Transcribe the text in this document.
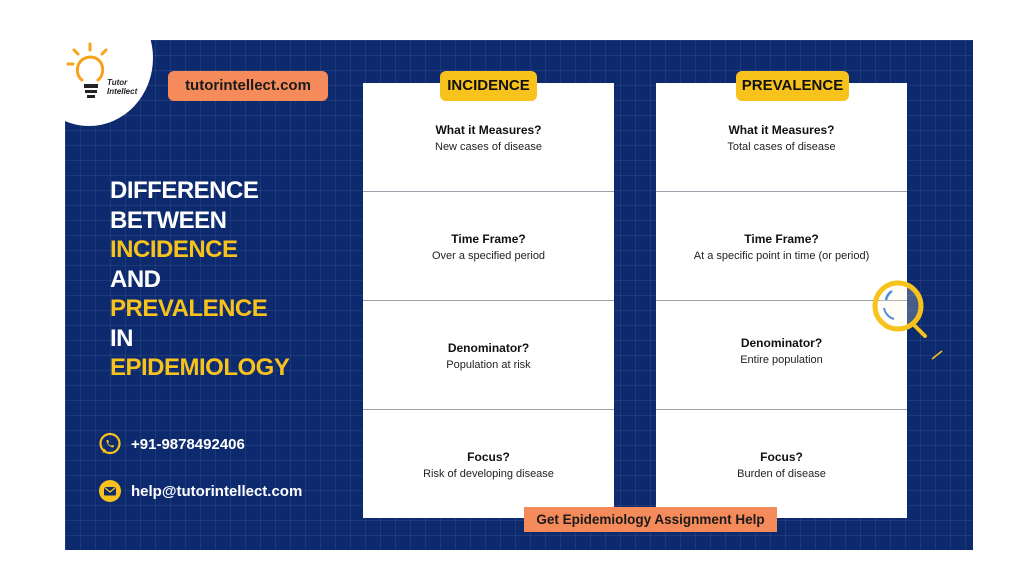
Tutor
Intellect	tutorintellect.com
DIFFERENCE
BETWEEN
INCIDENCE
AND
PREVALENCE
IN
EPIDEMIOLOGY
+91-9878492406
help@tutorintellect.com
What it Measures?
New cases of disease
Time Frame?
Over a specified period
Denominator?
Population at risk
Focus?
Risk of developing disease
INCIDENCE
What it Measures?
Total cases of disease
Time Frame?
At a specific point in time (or period)
Denominator?
Entire population
Focus?
Burden of disease
PREVALENCE
Get Epidemiology Assignment Help
